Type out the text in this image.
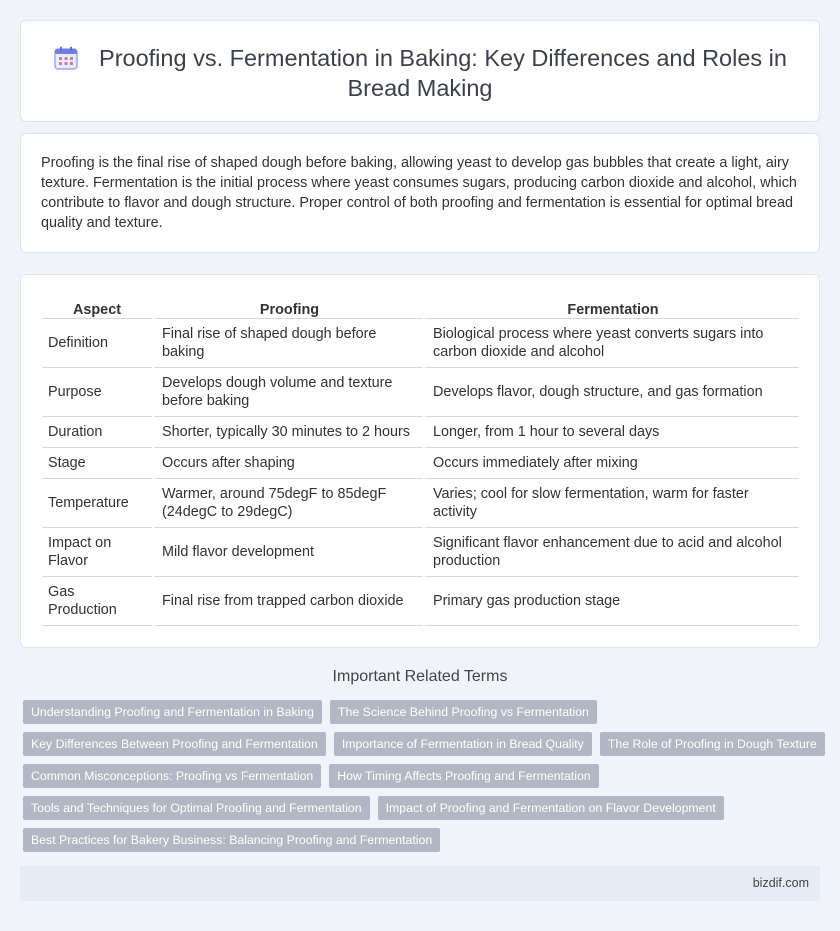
Proofing vs. Fermentation in Baking: Key Differences and Roles in Bread Making

Proofing is the final rise of shaped dough before baking, allowing yeast to develop gas bubbles that create a light, airy texture. Fermentation is the initial process where yeast consumes sugars, producing carbon dioxide and alcohol, which contribute to flavor and dough structure. Proper control of both proofing and fermentation is essential for optimal bread quality and texture.

Aspect	Proofing	Fermentation
Definition	Final rise of shaped dough before baking	Biological process where yeast converts sugars into carbon dioxide and alcohol
Purpose	Develops dough volume and texture before baking	Develops flavor, dough structure, and gas formation
Duration	Shorter, typically 30 minutes to 2 hours	Longer, from 1 hour to several days
Stage	Occurs after shaping	Occurs immediately after mixing
Temperature	Warmer, around 75degF to 85degF (24degC to 29degC)	Varies; cool for slow fermentation, warm for faster activity
Impact on Flavor	Mild flavor development	Significant flavor enhancement due to acid and alcohol production
Gas Production	Final rise from trapped carbon dioxide	Primary gas production stage
Important Related Terms
Understanding Proofing and Fermentation in Baking	The Science Behind Proofing vs Fermentation
Key Differences Between Proofing and Fermentation	Importance of Fermentation in Bread Quality	The Role of Proofing in Dough Texture
Common Misconceptions: Proofing vs Fermentation	How Timing Affects Proofing and Fermentation
Tools and Techniques for Optimal Proofing and Fermentation	Impact of Proofing and Fermentation on Flavor Development
Best Practices for Bakery Business: Balancing Proofing and Fermentation
bizdif.com
